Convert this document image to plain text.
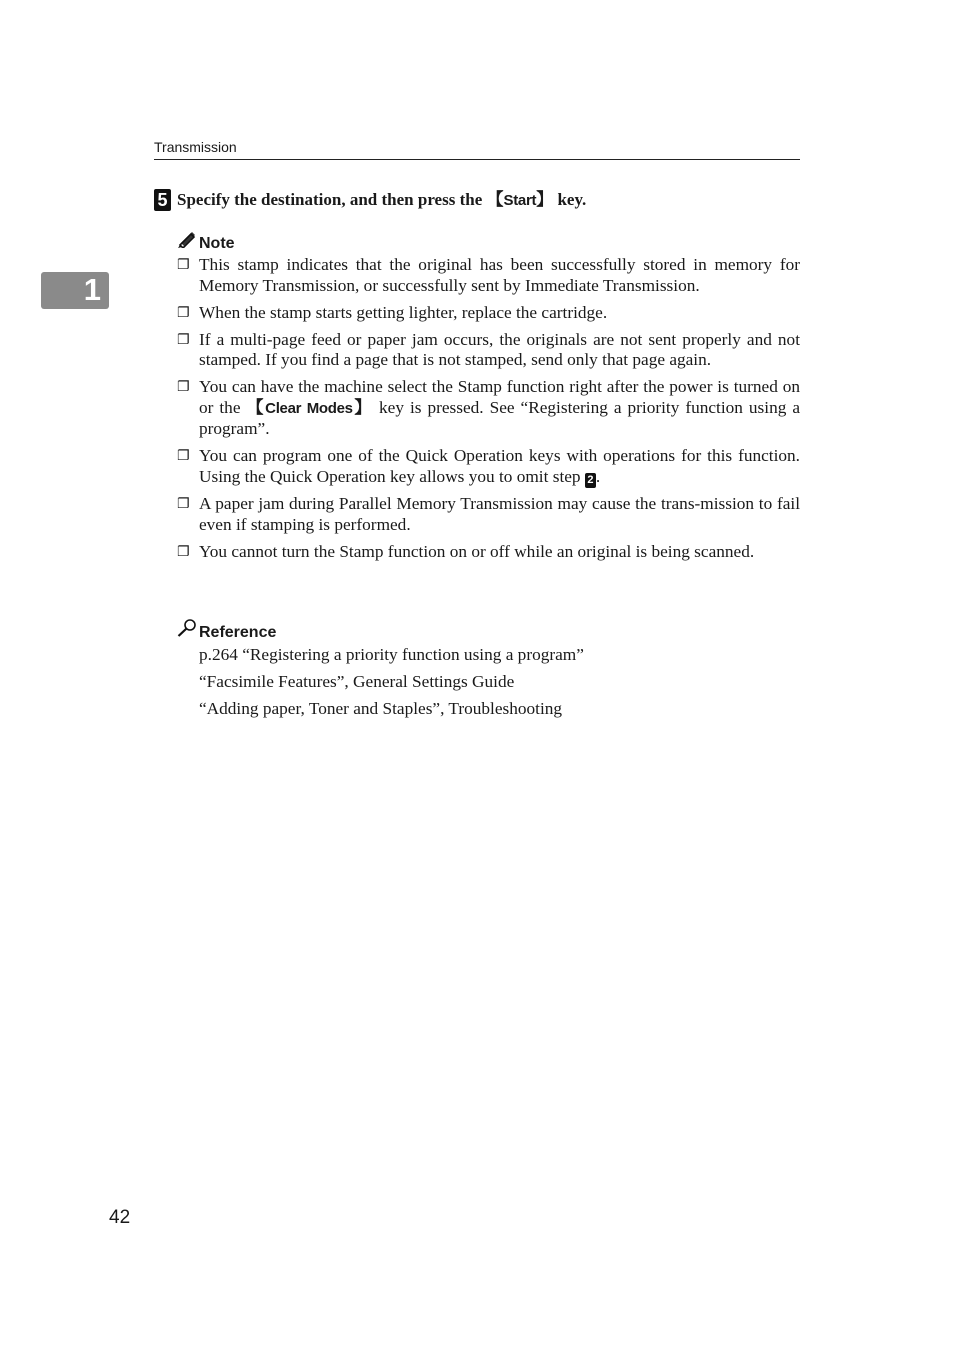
Transmission
1
5 Specify the destination, and then press the 【Start】 key.
Note
❐ This stamp indicates that the original has been successfully stored in memory for Memory Transmission, or successfully sent by Immediate Transmission.
❐ When the stamp starts getting lighter, replace the cartridge.
❐ If a multi-page feed or paper jam occurs, the originals are not sent properly and not stamped. If you find a page that is not stamped, send only that page again.
❐ You can have the machine select the Stamp function right after the power is turned on or the 【Clear Modes】 key is pressed. See “Registering a priority function using a program”.
❐ You can program one of the Quick Operation keys with operations for this function. Using the Quick Operation key allows you to omit step 2 .
❐ A paper jam during Parallel Memory Transmission may cause the trans-mission to fail even if stamping is performed.
❐ You cannot turn the Stamp function on or off while an original is being scanned.
Reference
p.264 “Registering a priority function using a program”
“Facsimile Features”, General Settings Guide
“Adding paper, Toner and Staples”, Troubleshooting
42
